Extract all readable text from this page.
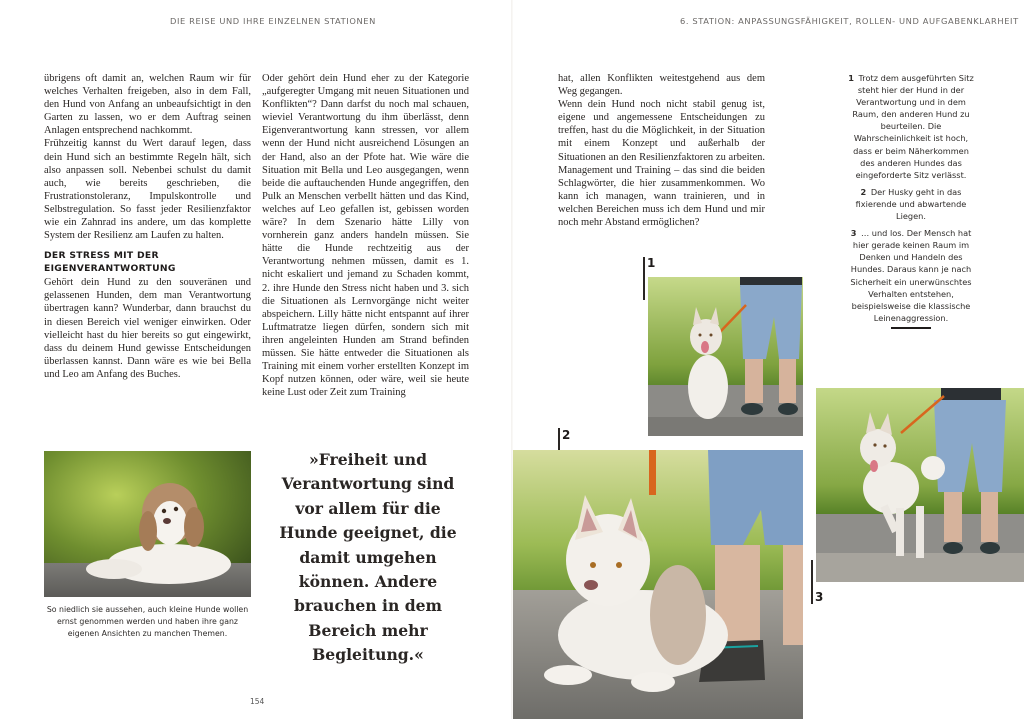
DIE REISE UND IHRE EINZELNEN STATIONEN

übrigens oft damit an, welchen Raum wir für welches Verhalten freigeben, also in dem Fall, den Hund von Anfang an unbeaufsichtigt in den Garten zu lassen, wo er dem Auftrag seinen Anlagen entsprechend nachkommt.

Frühzeitig kannst du Wert darauf legen, dass dein Hund sich an bestimmte Regeln hält, sich also anpassen soll. Nebenbei schulst du damit auch, wie bereits geschrieben, die Frustrationstoleranz, Impulskontrolle und Selbstregulation. So fasst jeder Resilienzfaktor wie ein Zahnrad ins andere, um das komplette System der Resilienz am Laufen zu halten.

DER STRESS MIT DER EIGENVERANTWORTUNG

Gehört dein Hund zu den souveränen und gelassenen Hunden, dem man Verantwortung übertragen kann? Wunderbar, dann brauchst du in diesen Bereich viel weniger einwirken. Oder vielleicht hast du hier bereits so gut eingewirkt, dass du deinem Hund gewisse Entscheidungen überlassen kannst. Dann wäre es wie bei Bella und Leo am Anfang des Buches.

Oder gehört dein Hund eher zu der Kategorie „aufgeregter Umgang mit neuen Situationen und Konflikten“? Dann darfst du noch mal schauen, wieviel Verantwortung du ihm überlässt, denn Eigenverantwortung kann stressen, vor allem wenn der Hund nicht ausreichend Lösungen an der Hand, also an der Pfote hat. Wie wäre die Situation mit Bella und Leo ausgegangen, wenn beide die auftauchenden Hunde angegriffen, den Pulk an Menschen verbellt hätten und das Kind, welches auf Leo gefallen ist, gebissen worden wäre? In dem Szenario hätte Lilly von vornherein ganz anders handeln müssen. Sie hätte die Hunde rechtzeitig aus der Verantwortung nehmen müssen, damit es 1. nicht eskaliert und jemand zu Schaden kommt, 2. ihre Hunde den Stress nicht haben und 3. sich die Situationen als Lernvorgänge nicht weiter abspeichern. Lilly hätte nicht entspannt auf ihrer Luftmatratze liegen dürfen, sondern sich mit ihren angeleinten Hunden am Strand befinden müssen. Sie hätte entweder die Situationen als Training mit einem vorher erstellten Konzept im Kopf nutzen können, oder wäre, weil sie heute keine Lust oder Zeit zum Training

So niedlich sie aussehen, auch kleine Hunde wollen ernst genommen werden und haben ihre ganz eigenen Ansichten zu manchen Themen.
»Freiheit und Verantwortung sind vor allem für die Hunde geeignet, die damit umgehen können. Andere brauchen in dem Bereich mehr Begleitung.«
154
6. STATION: ANPASSUNGSFÄHIGKEIT, ROLLEN- UND AUFGABENKLARHEIT

hat, allen Konflikten weitestgehend aus dem Weg gegangen.

Wenn dein Hund noch nicht stabil genug ist, eigene und angemessene Entscheidungen zu treffen, hast du die Möglichkeit, in der Situation mit einem Konzept und außerhalb der Situationen an den Resilienzfaktoren zu arbeiten. Management und Training – das sind die beiden Schlagwörter, die hier zusammenkommen. Wo kann ich managen, wann trainieren, und in welchen Bereichen muss ich dem Hund und mir noch mehr Abstand ermöglichen?

1 Trotz dem ausgeführten Sitz steht hier der Hund in der Verantwortung und in dem Raum, den anderen Hund zu beurteilen. Die Wahrscheinlichkeit ist hoch, dass er beim Näherkommen des anderen Hundes das eingeforderte Sitz verlässt.

2 Der Husky geht in das fixierende und abwartende Liegen.

3 … und los. Der Mensch hat hier gerade keinen Raum im Denken und Handeln des Hundes. Daraus kann je nach Sicherheit ein unerwünschtes Verhalten entstehen, beispielsweise die klassische Leinenaggression.

1
2
3
